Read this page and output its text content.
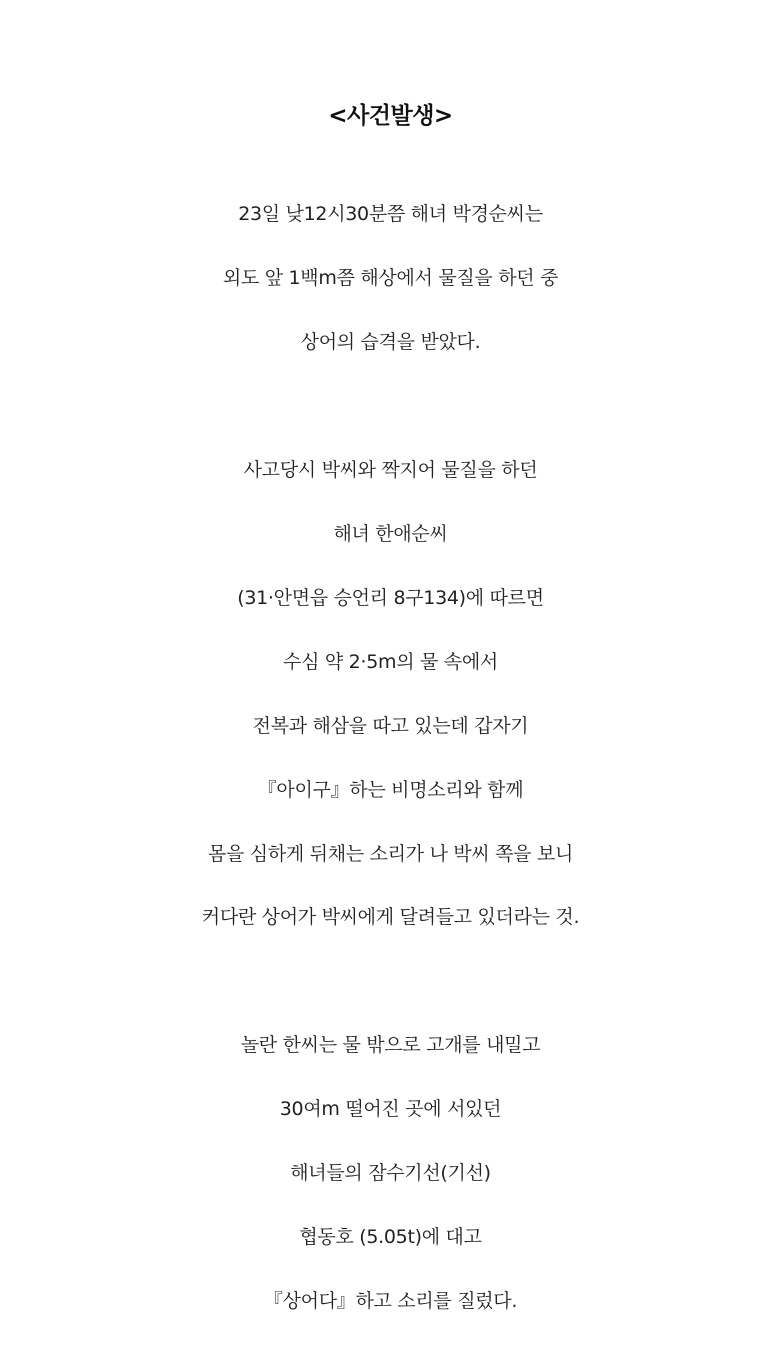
<사건발생>
23일 낮12시30분쯤 해녀 박경순씨는
외도 앞 1백m쯤 해상에서 물질을 하던 중
상어의 습격을 받았다.
사고당시 박씨와 짝지어 물질을 하던
해녀 한애순씨
(31·안면읍 승언리 8구134)에 따르면
수심 약 2·5m의 물 속에서
전복과 해삼을 따고 있는데 갑자기
『아이구』하는 비명소리와 함께
몸을 심하게 뒤채는 소리가 나 박씨 쪽을 보니
커다란 상어가 박씨에게 달려들고 있더라는 것.
놀란 한씨는 물 밖으로 고개를 내밀고
30여m 떨어진 곳에 서있던
해녀들의 잠수기선(기선)
협동호 (5.05t)에 대고
『상어다』하고 소리를 질렀다.
